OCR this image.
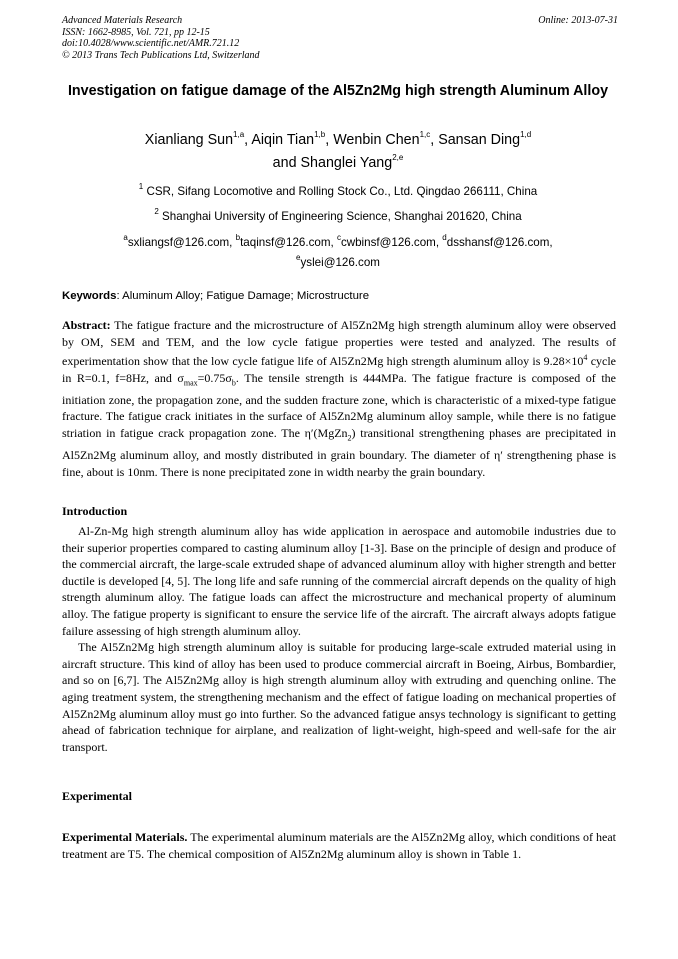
Advanced Materials Research
ISSN: 1662-8985, Vol. 721, pp 12-15
doi:10.4028/www.scientific.net/AMR.721.12
© 2013 Trans Tech Publications Ltd, Switzerland
Online: 2013-07-31
Investigation on fatigue damage of the Al5Zn2Mg high strength Aluminum Alloy
Xianliang Sun$^{1,a}$, Aiqin Tian$^{1,b}$, Wenbin Chen$^{1,c}$, Sansan Ding$^{1,d}$
and Shanglei Yang$^{2,e}$
$^1$ CSR, Sifang Locomotive and Rolling Stock Co., Ltd. Qingdao 266111, China
$^2$ Shanghai University of Engineering Science, Shanghai 201620, China
$^a$sxliangsf@126.com, $^b$taqinsf@126.com, $^c$cwbinsf@126.com, $^d$dsshansf@126.com,
$^e$yslei@126.com
Keywords: Aluminum Alloy; Fatigue Damage; Microstructure
Abstract: The fatigue fracture and the microstructure of Al5Zn2Mg high strength aluminum alloy were observed by OM, SEM and TEM, and the low cycle fatigue properties were tested and analyzed. The results of experimentation show that the low cycle fatigue life of Al5Zn2Mg high strength aluminum alloy is $9.28\times 10^4$ cycle in R=0.1, f=8Hz, and $\sigma_{max}=0.75\sigma_b$. The tensile strength is 444MPa. The fatigue fracture is composed of the initiation zone, the propagation zone, and the sudden fracture zone, which is characteristic of a mixed-type fatigue fracture. The fatigue crack initiates in the surface of Al5Zn2Mg aluminum alloy sample, while there is no fatigue striation in fatigue crack propagation zone. The η′(MgZn$_2$) transitional strengthening phases are precipitated in Al5Zn2Mg aluminum alloy, and mostly distributed in grain boundary. The diameter of η′ strengthening phase is fine, about is 10nm. There is none precipitated zone in width nearby the grain boundary.
Introduction

Al-Zn-Mg high strength aluminum alloy has wide application in aerospace and automobile industries due to their superior properties compared to casting aluminum alloy [1-3]. Base on the principle of design and produce of the commercial aircraft, the large-scale extruded shape of advanced aluminum alloy with higher strength and better ductile is developed [4, 5]. The long life and safe running of the commercial aircraft depends on the quality of high strength aluminum alloy. The fatigue loads can affect the microstructure and mechanical property of aluminum alloy. The fatigue property is significant to ensure the service life of the aircraft. The aircraft always adopts fatigue failure assessing of high strength aluminum alloy.

The Al5Zn2Mg high strength aluminum alloy is suitable for producing large-scale extruded material using in aircraft structure. This kind of alloy has been used to produce commercial aircraft in Boeing, Airbus, Bombardier, and so on [6,7]. The Al5Zn2Mg alloy is high strength aluminum alloy with extruding and quenching online. The aging treatment system, the strengthening mechanism and the effect of fatigue loading on mechanical properties of Al5Zn2Mg aluminum alloy must go into further. So the advanced fatigue ansys technology is significant to getting ahead of fabrication technique for airplane, and realization of light-weight, high-speed and well-safe for the air transport.

Experimental
Experimental Materials. The experimental aluminum materials are the Al5Zn2Mg alloy, which conditions of heat treatment are T5. The chemical composition of Al5Zn2Mg aluminum alloy is shown in Table 1.
